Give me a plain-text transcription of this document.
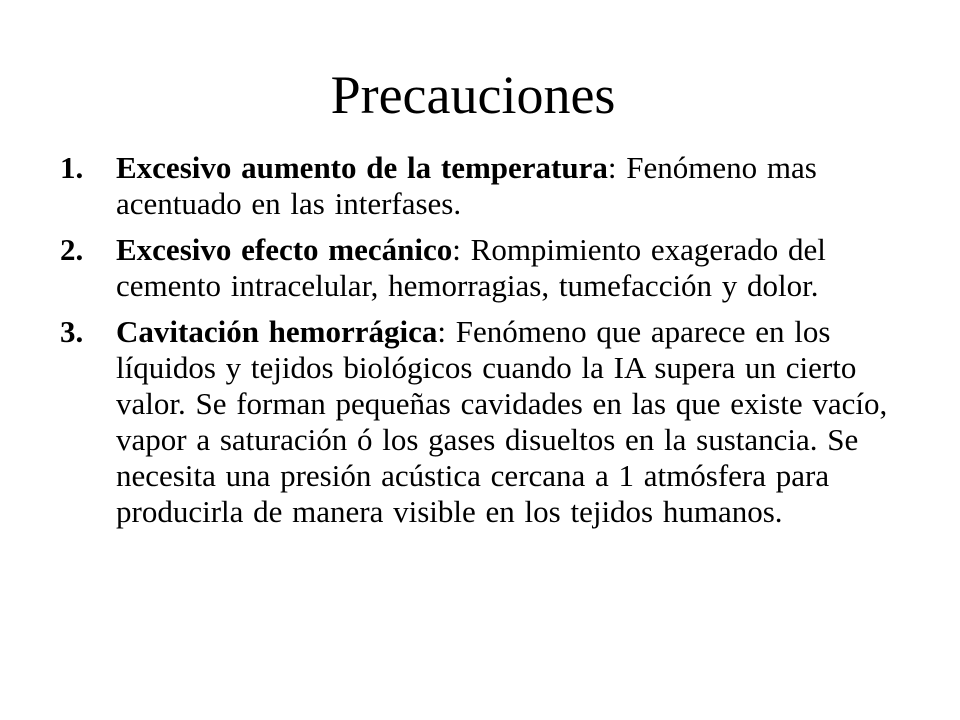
Precauciones
1. Excesivo aumento de la temperatura: Fenómeno mas acentuado en las interfases.
2. Excesivo efecto mecánico: Rompimiento exagerado del cemento intracelular, hemorragias, tumefacción y dolor.
3. Cavitación hemorrágica: Fenómeno que aparece en los líquidos y tejidos biológicos cuando la IA supera un cierto valor. Se forman pequeñas cavidades en las que existe vacío, vapor a saturación ó los gases disueltos en la sustancia. Se necesita una presión acústica cercana a 1 atmósfera para producirla de manera visible en los tejidos humanos.
